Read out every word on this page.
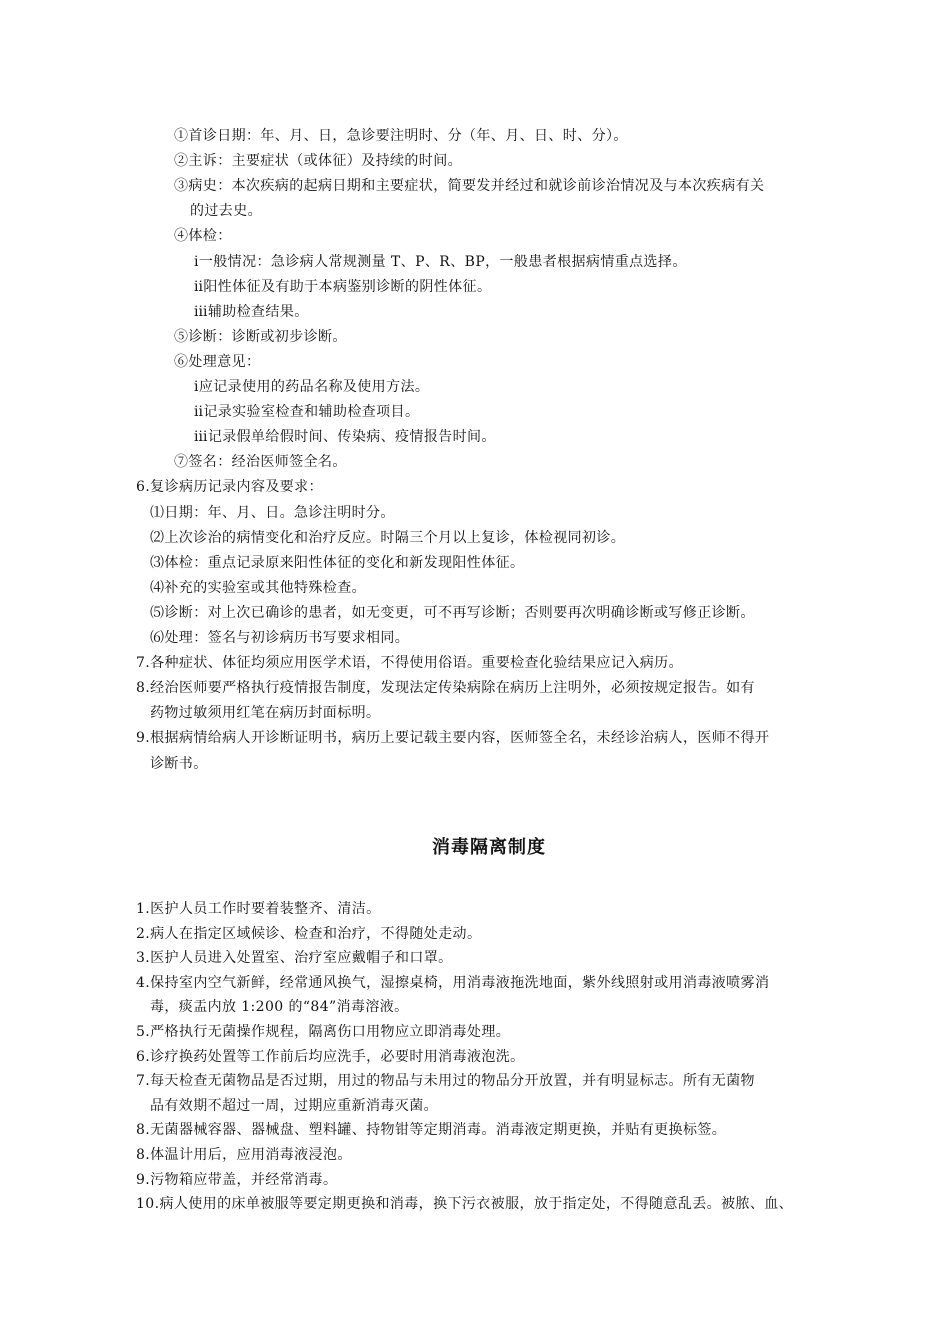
①首诊日期：年、月、日，急诊要注明时、分（年、月、日、时、分）。
②主诉：主要症状（或体征）及持续的时间。
③病史：本次疾病的起病日期和主要症状，简要发并经过和就诊前诊治情况及与本次疾病有关
的过去史。
④体检：
ⅰ一般情况：急诊病人常规测量 T、P、R、BP，一般患者根据病情重点选择。
ⅱ阳性体征及有助于本病鉴别诊断的阴性体征。
ⅲ辅助检查结果。
⑤诊断：诊断或初步诊断。
⑥处理意见：
ⅰ应记录使用的药品名称及使用方法。
ⅱ记录实验室检查和辅助检查项目。
ⅲ记录假单给假时间、传染病、疫情报告时间。
⑦签名：经治医师签全名。
6.复诊病历记录内容及要求：
⑴日期：年、月、日。急诊注明时分。
⑵上次诊治的病情变化和治疗反应。时隔三个月以上复诊，体检视同初诊。
⑶体检：重点记录原来阳性体征的变化和新发现阳性体征。
⑷补充的实验室或其他特殊检查。
⑸诊断：对上次已确诊的患者，如无变更，可不再写诊断；否则要再次明确诊断或写修正诊断。
⑹处理：签名与初诊病历书写要求相同。
7.各种症状、体征均须应用医学术语，不得使用俗语。重要检查化验结果应记入病历。
8.经治医师要严格执行疫情报告制度，发现法定传染病除在病历上注明外，必须按规定报告。如有
药物过敏须用红笔在病历封面标明。
9.根据病情给病人开诊断证明书，病历上要记载主要内容，医师签全名，未经诊治病人，医师不得开
诊断书。
消毒隔离制度
1.医护人员工作时要着装整齐、清洁。
2.病人在指定区域候诊、检查和治疗，不得随处走动。
3.医护人员进入处置室、治疗室应戴帽子和口罩。
4.保持室内空气新鲜，经常通风换气，湿擦桌椅，用消毒液拖洗地面，紫外线照射或用消毒液喷雾消
毒，痰盂内放 1:200 的“84”消毒溶液。
5.严格执行无菌操作规程，隔离伤口用物应立即消毒处理。
6.诊疗换药处置等工作前后均应洗手，必要时用消毒液泡洗。
7.每天检查无菌物品是否过期，用过的物品与未用过的物品分开放置，并有明显标志。所有无菌物
品有效期不超过一周，过期应重新消毒灭菌。
8.无菌器械容器、器械盘、塑料罐、持物钳等定期消毒。消毒液定期更换，并贴有更换标签。
8.体温计用后，应用消毒液浸泡。
9.污物箱应带盖，并经常消毒。
10.病人使用的床单被服等要定期更换和消毒，换下污衣被服，放于指定处，不得随意乱丢。被脓、血、
